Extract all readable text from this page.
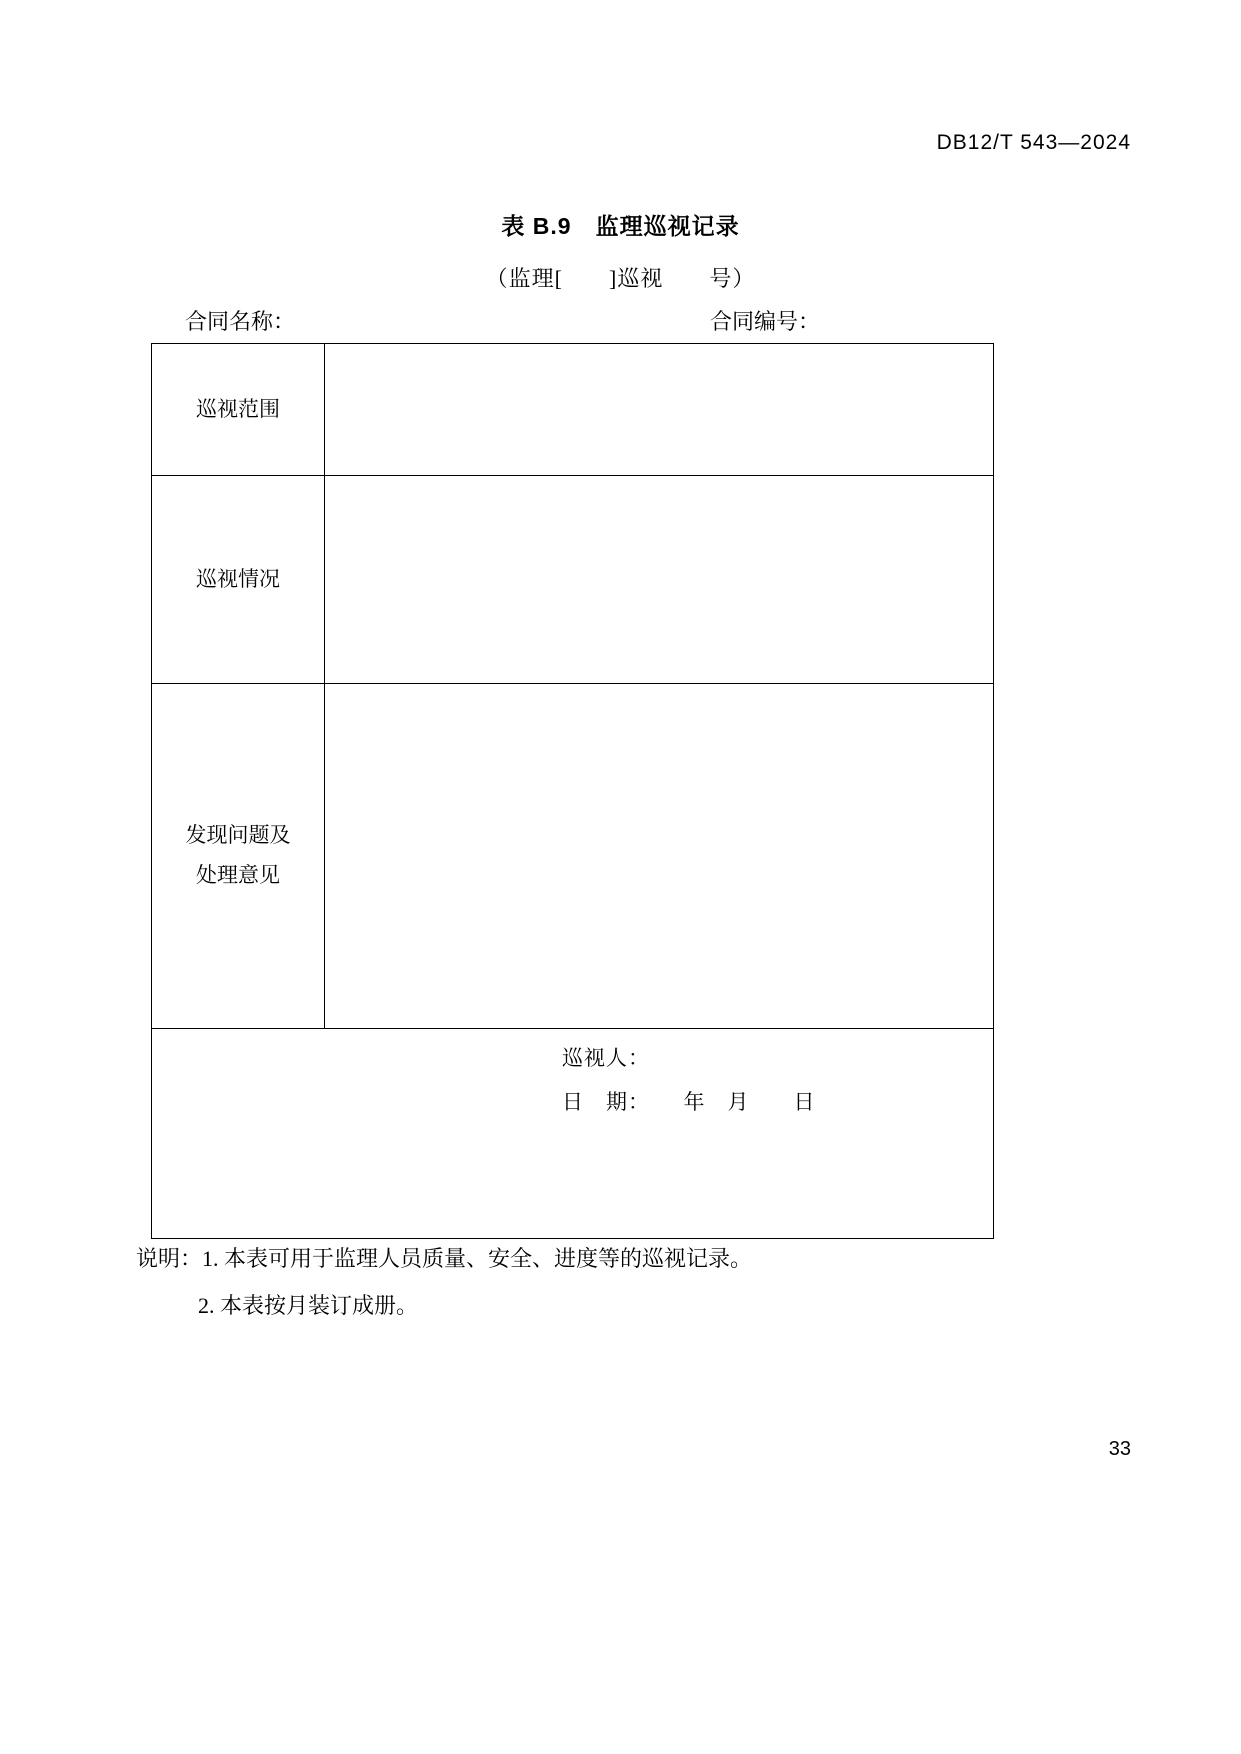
DB12/T 543—2024
表 B.9　监理巡视记录
（监理[　　]巡视　　号）
合同名称：	合同编号：
巡视范围	

巡视情况	

发现问题及
处理意见	

巡视人：
日　期：　　年　月　　日	
说明：1. 本表可用于监理人员质量、安全、进度等的巡视记录。
2. 本表按月装订成册。
33
